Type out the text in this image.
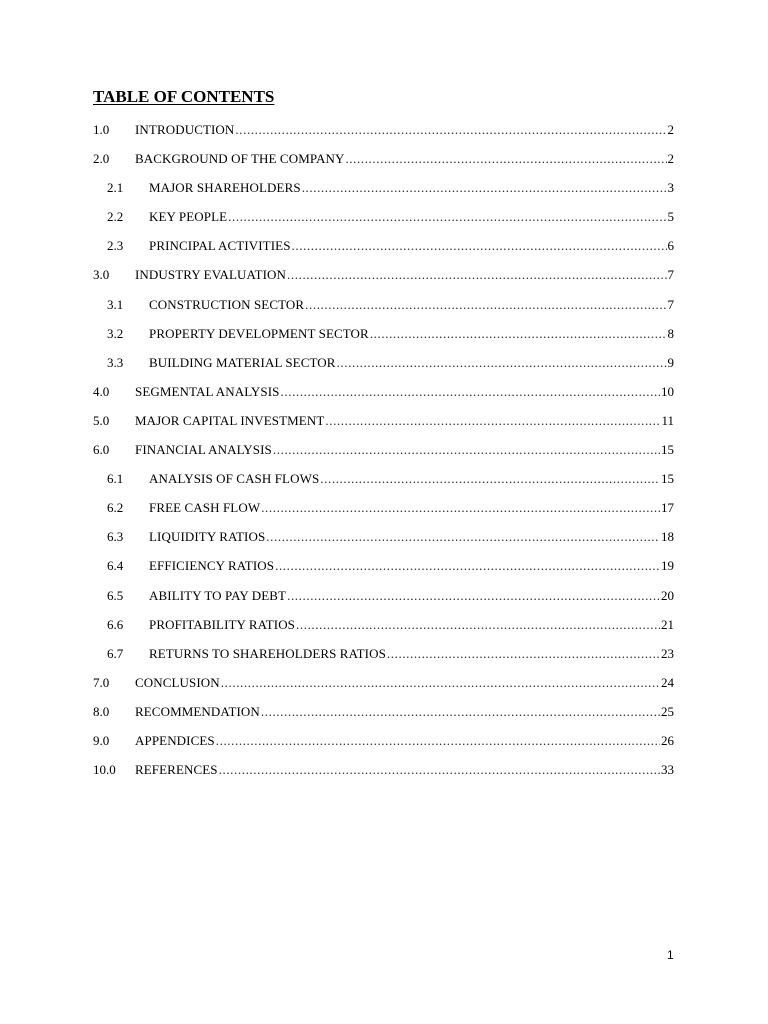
TABLE OF CONTENTS
1.0 INTRODUCTION .....	2
2.0 BACKGROUND OF THE COMPANY .....	2
2.1 MAJOR SHAREHOLDERS .....	3
2.2 KEY PEOPLE .....	5
2.3 PRINCIPAL ACTIVITIES .....	6
3.0 INDUSTRY EVALUATION .....	7
3.1 CONSTRUCTION SECTOR .....	7
3.2 PROPERTY DEVELOPMENT SECTOR .....	8
3.3 BUILDING MATERIAL SECTOR .....	9
4.0 SEGMENTAL ANALYSIS .....	10
5.0 MAJOR CAPITAL INVESTMENT .....	11
6.0 FINANCIAL ANALYSIS .....	15
6.1 ANALYSIS OF CASH FLOWS .....	15
6.2 FREE CASH FLOW .....	17
6.3 LIQUIDITY RATIOS .....	18
6.4 EFFICIENCY RATIOS .....	19
6.5 ABILITY TO PAY DEBT .....	20
6.6 PROFITABILITY RATIOS .....	21
6.7 RETURNS TO SHAREHOLDERS RATIOS .....	23
7.0 CONCLUSION .....	24
8.0 RECOMMENDATION .....	25
9.0 APPENDICES .....	26
10.0 REFERENCES .....	33
1
